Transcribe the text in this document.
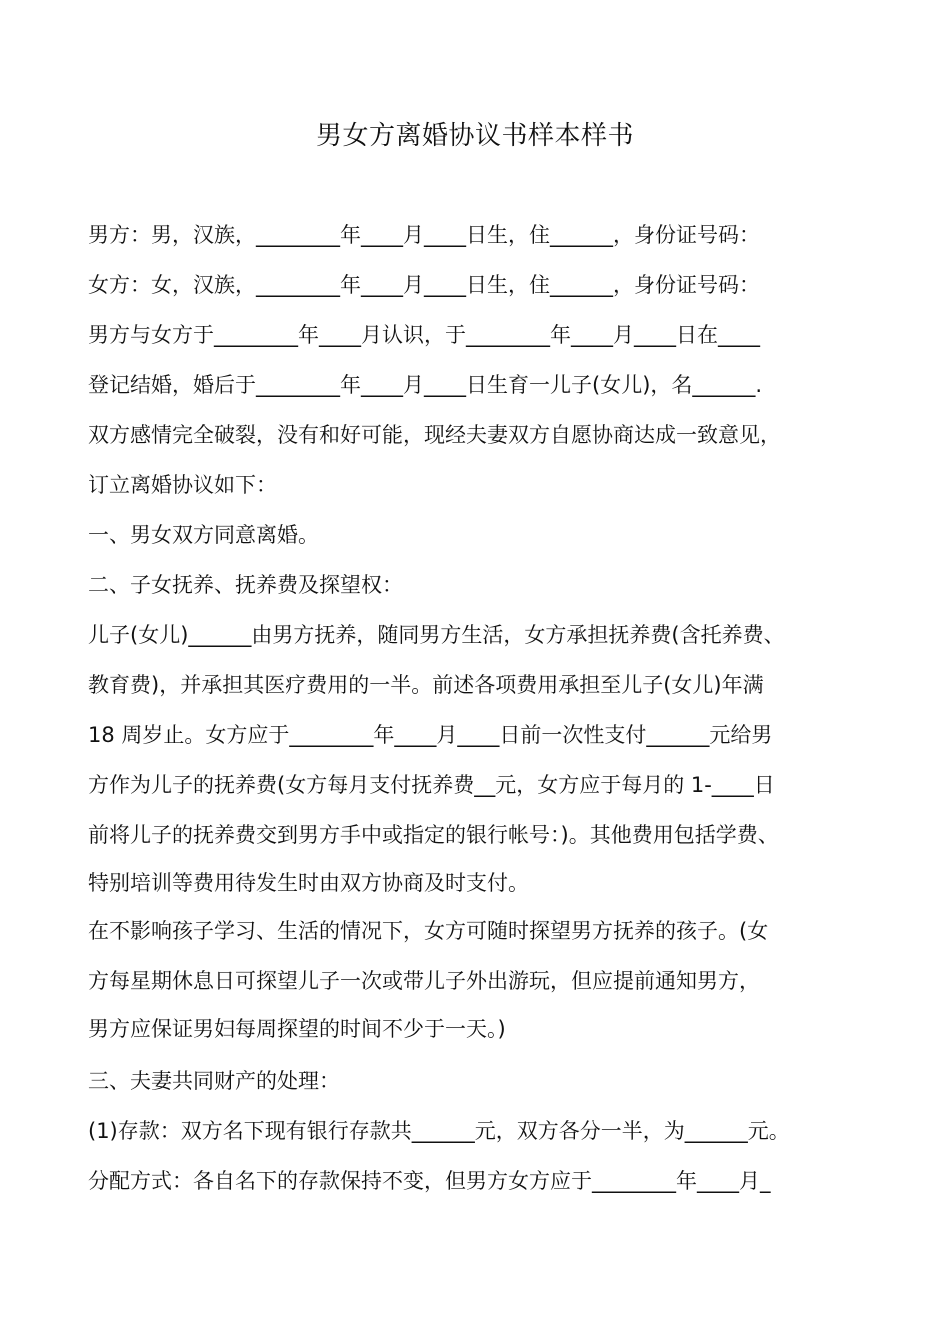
男女方离婚协议书样本样书
男方：男，汉族，________年____月____日生，住______，身份证号码：
女方：女，汉族，________年____月____日生，住______，身份证号码：
男方与女方于________年____月认识，于________年____月____日在____
登记结婚，婚后于________年____月____日生育一儿子(女儿)，名______.
双方感情完全破裂，没有和好可能，现经夫妻双方自愿协商达成一致意见，
订立离婚协议如下：
一、男女双方同意离婚。
二、子女抚养、抚养费及探望权：
儿子(女儿)______由男方抚养，随同男方生活，女方承担抚养费(含托养费、
教育费)，并承担其医疗费用的一半。前述各项费用承担至儿子(女儿)年满
18 周岁止。女方应于________年____月____日前一次性支付______元给男
方作为儿子的抚养费(女方每月支付抚养费__元，女方应于每月的 1-____日
前将儿子的抚养费交到男方手中或指定的银行帐号：)。其他费用包括学费、
特别培训等费用待发生时由双方协商及时支付。
在不影响孩子学习、生活的情况下，女方可随时探望男方抚养的孩子。(女
方每星期休息日可探望儿子一次或带儿子外出游玩，但应提前通知男方，
男方应保证男妇每周探望的时间不少于一天。)
三、夫妻共同财产的处理：
(1)存款：双方名下现有银行存款共______元，双方各分一半，为______元。
分配方式：各自名下的存款保持不变，但男方女方应于________年____月_
